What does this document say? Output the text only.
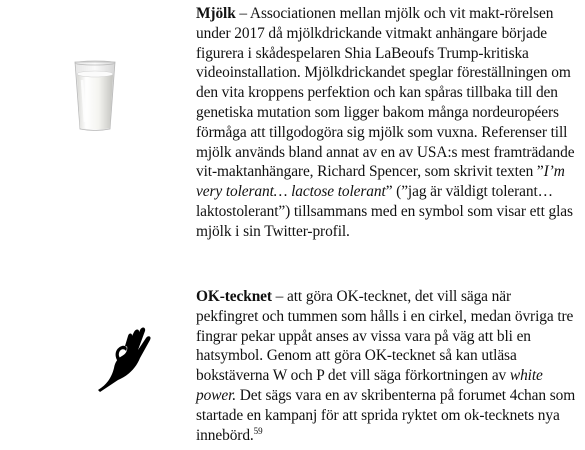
Mjölk – Associationen mellan mjölk och vit makt-rörelsen under 2017 då mjölkdrickande vitmakt anhängare började figurera i skådespelaren Shia LaBeoufs Trump-kritiska videoinstallation. Mjölkdrickandet speglar föreställningen om den vita kroppens perfektion och kan spåras tillbaka till den genetiska mutation som ligger bakom många nordeuropéers förmåga att tillgodogöra sig mjölk som vuxna. Referenser till mjölk används bland annat av en av USA:s mest framträdande vit-maktanhängare, Richard Spencer, som skrivit texten ”I’m very tolerant… lactose tolerant” (”jag är väldigt tolerant… laktostolerant”) tillsammans med en symbol som visar ett glas mjölk i sin Twitter-profil.

OK-tecknet – att göra OK-tecknet, det vill säga när pekfingret och tummen som hålls i en cirkel, medan övriga tre fingrar pekar uppåt anses av vissa vara på väg att bli en hatsymbol. Genom att göra OK-tecknet så kan utläsa bokstäverna W och P det vill säga förkortningen av white power. Det sägs vara en av skribenterna på forumet 4chan som startade en kampanj för att sprida ryktet om ok-tecknets nya innebörd.$^{59}$
